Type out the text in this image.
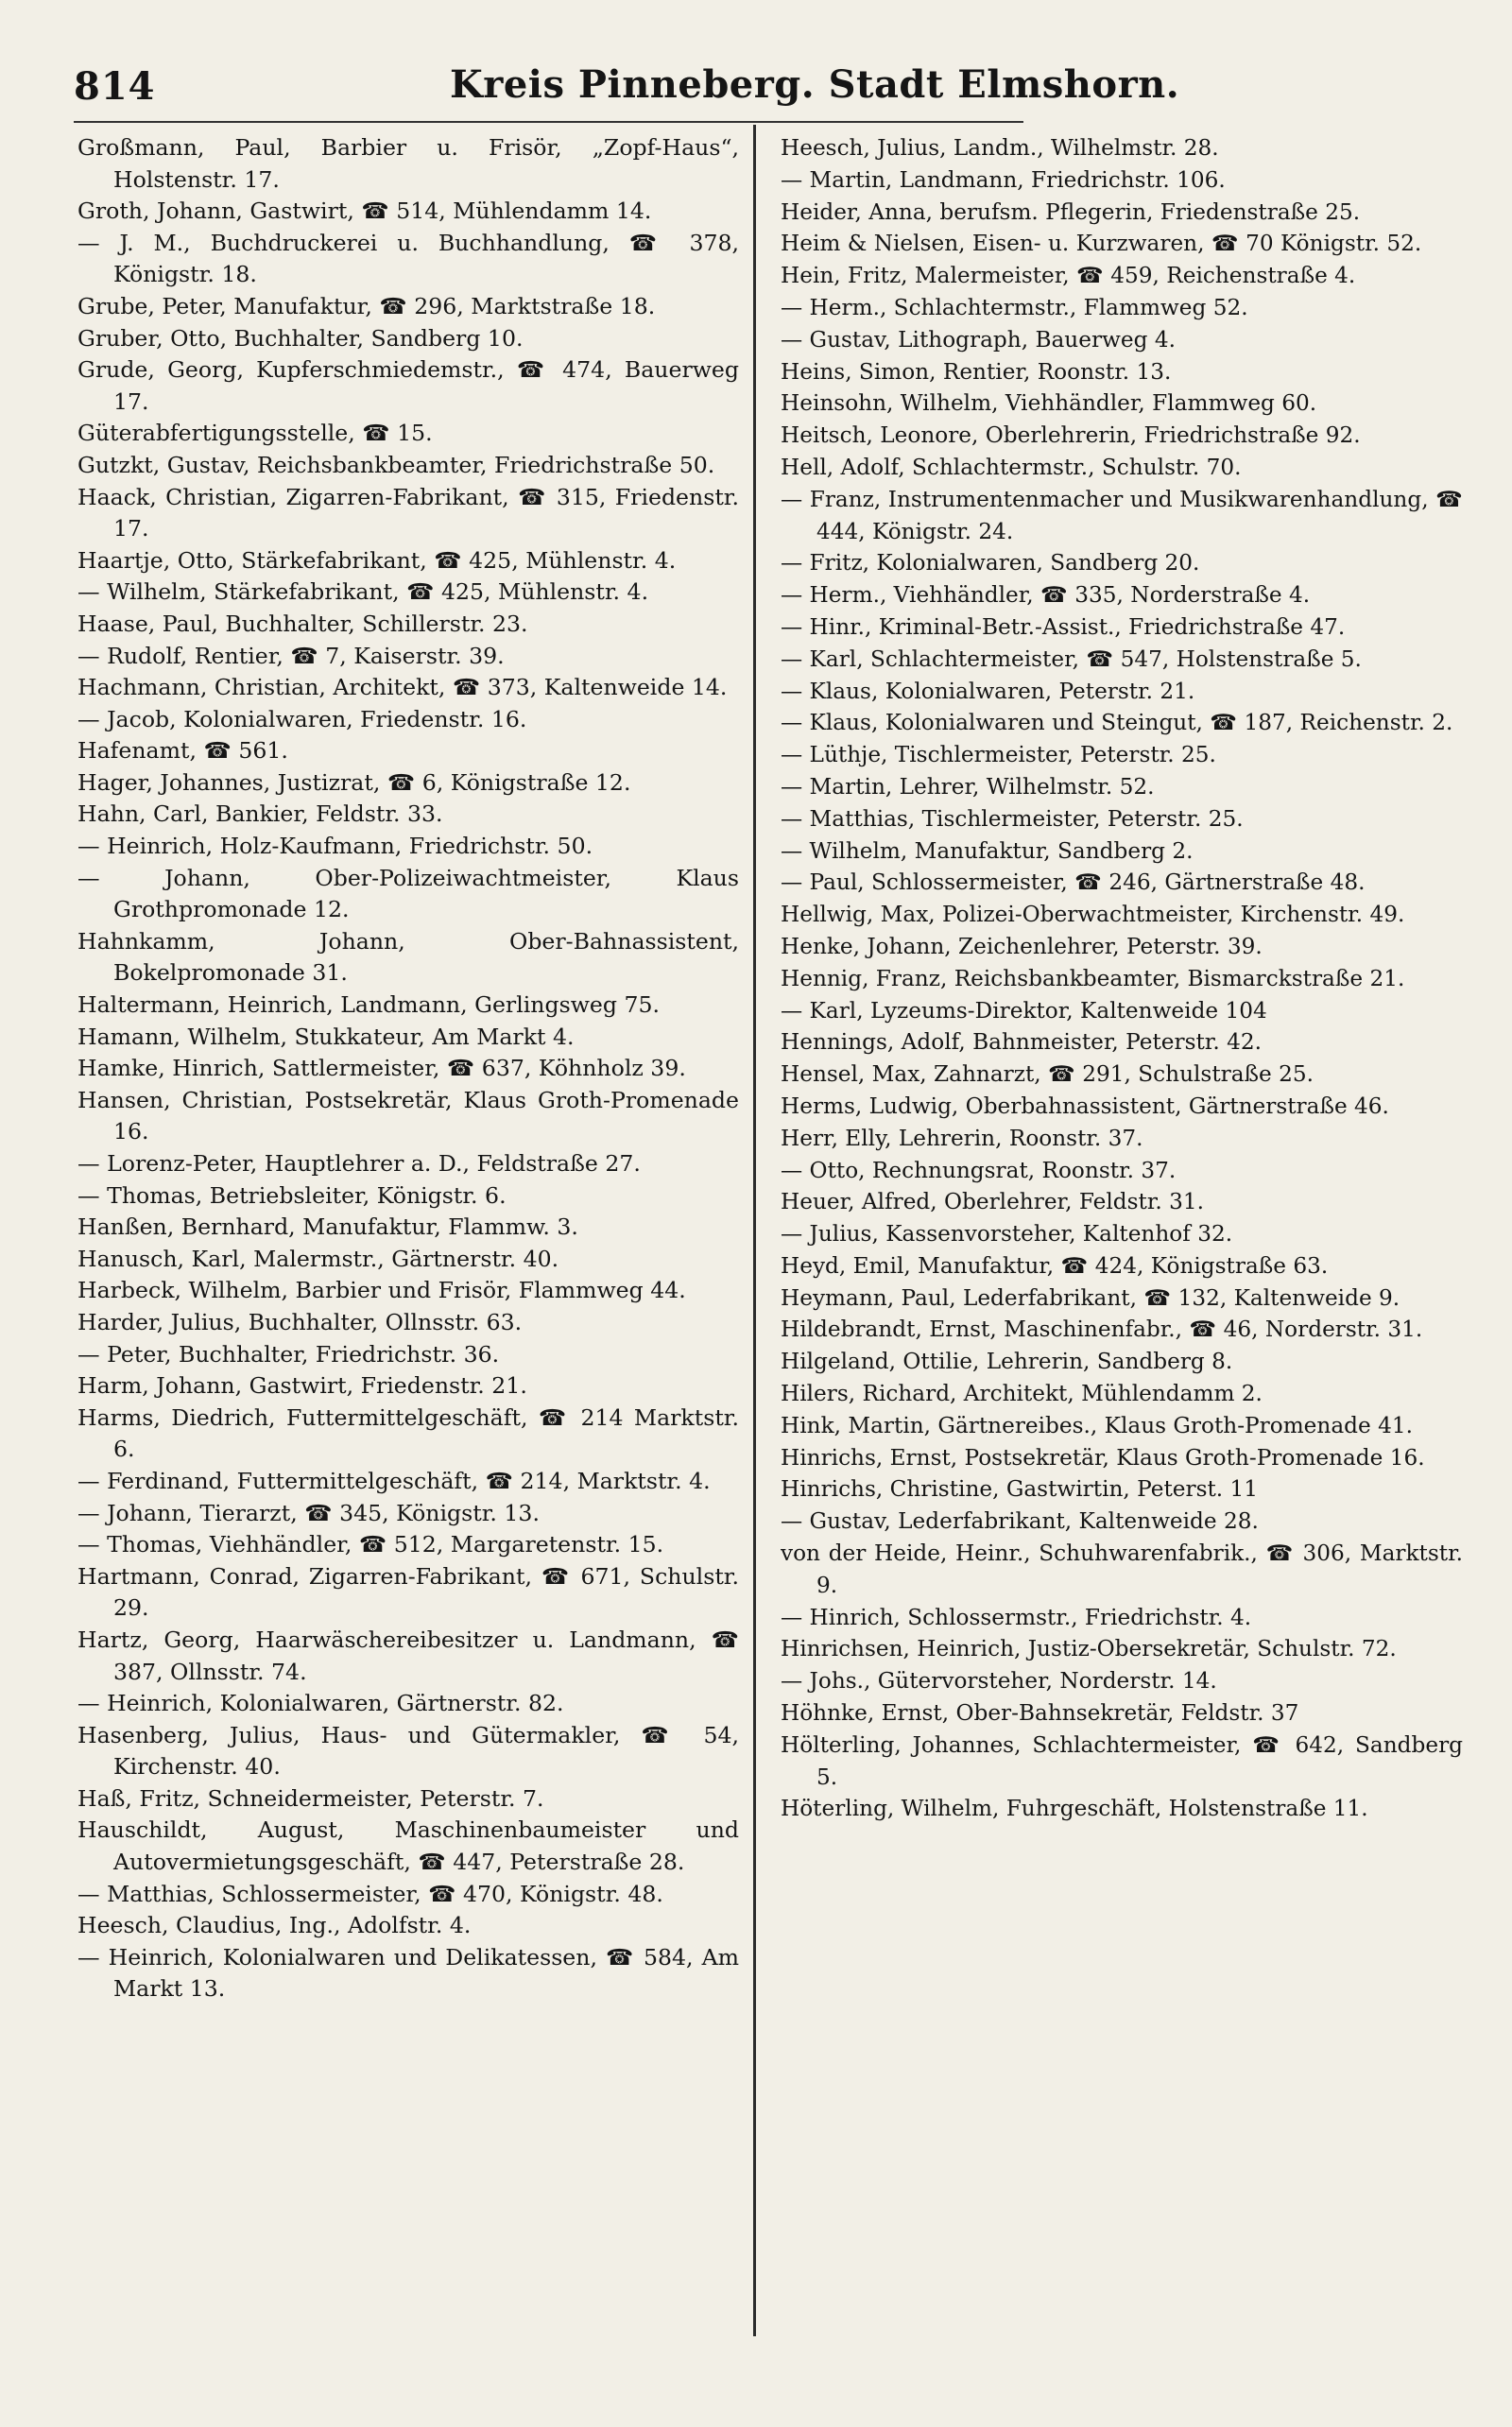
814	Kreis Pinneberg. Stadt Elmshorn.

Großmann, Paul, Barbier u. Frisör, „Zopf-Haus“, Holstenstr. 17.

Groth, Johann, Gastwirt, ☎ 514, Mühlendamm 14.

— J. M., Buchdruckerei u. Buchhandlung, ☎ 378, Königstr. 18.

Grube, Peter, Manufaktur, ☎ 296, Marktstraße 18.

Gruber, Otto, Buchhalter, Sandberg 10.

Grude, Georg, Kupferschmiedemstr., ☎ 474, Bauerweg 17.

Güterabfertigungsstelle, ☎ 15.

Gutzkt, Gustav, Reichsbankbeamter, Friedrichstraße 50.

Haack, Christian, Zigarren-Fabrikant, ☎ 315, Friedenstr. 17.

Haartje, Otto, Stärkefabrikant, ☎ 425, Mühlenstr. 4.

— Wilhelm, Stärkefabrikant, ☎ 425, Mühlenstr. 4.

Haase, Paul, Buchhalter, Schillerstr. 23.

— Rudolf, Rentier, ☎ 7, Kaiserstr. 39.

Hachmann, Christian, Architekt, ☎ 373, Kaltenweide 14.

— Jacob, Kolonialwaren, Friedenstr. 16.

Hafenamt, ☎ 561.

Hager, Johannes, Justizrat, ☎ 6, Königstraße 12.

Hahn, Carl, Bankier, Feldstr. 33.

— Heinrich, Holz-Kaufmann, Friedrichstr. 50.

— Johann, Ober-Polizeiwachtmeister, Klaus Grothpromonade 12.

Hahnkamm, Johann, Ober-Bahnassistent, Bokelpromonade 31.

Haltermann, Heinrich, Landmann, Gerlingsweg 75.

Hamann, Wilhelm, Stukkateur, Am Markt 4.

Hamke, Hinrich, Sattlermeister, ☎ 637, Köhnholz 39.

Hansen, Christian, Postsekretär, Klaus Groth-Promenade 16.

— Lorenz-Peter, Hauptlehrer a. D., Feldstraße 27.

— Thomas, Betriebsleiter, Königstr. 6.

Hanßen, Bernhard, Manufaktur, Flammw. 3.

Hanusch, Karl, Malermstr., Gärtnerstr. 40.

Harbeck, Wilhelm, Barbier und Frisör, Flammweg 44.

Harder, Julius, Buchhalter, Ollnsstr. 63.

— Peter, Buchhalter, Friedrichstr. 36.

Harm, Johann, Gastwirt, Friedenstr. 21.

Harms, Diedrich, Futtermittelgeschäft, ☎ 214 Marktstr. 6.

— Ferdinand, Futtermittelgeschäft, ☎ 214, Marktstr. 4.

— Johann, Tierarzt, ☎ 345, Königstr. 13.

— Thomas, Viehhändler, ☎ 512, Margaretenstr. 15.

Hartmann, Conrad, Zigarren-Fabrikant, ☎ 671, Schulstr. 29.

Hartz, Georg, Haarwäschereibesitzer u. Landmann, ☎ 387, Ollnsstr. 74.

— Heinrich, Kolonialwaren, Gärtnerstr. 82.

Hasenberg, Julius, Haus- und Gütermakler, ☎ 54, Kirchenstr. 40.

Haß, Fritz, Schneidermeister, Peterstr. 7.

Hauschildt, August, Maschinenbaumeister und Autovermietungsgeschäft, ☎ 447, Peterstraße 28.

— Matthias, Schlossermeister, ☎ 470, Königstr. 48.

Heesch, Claudius, Ing., Adolfstr. 4.

— Heinrich, Kolonialwaren und Delikatessen, ☎ 584, Am Markt 13.

Heesch, Julius, Landm., Wilhelmstr. 28.

— Martin, Landmann, Friedrichstr. 106.

Heider, Anna, berufsm. Pflegerin, Friedenstraße 25.

Heim & Nielsen, Eisen- u. Kurzwaren, ☎ 70 Königstr. 52.

Hein, Fritz, Malermeister, ☎ 459, Reichenstraße 4.

— Herm., Schlachtermstr., Flammweg 52.

— Gustav, Lithograph, Bauerweg 4.

Heins, Simon, Rentier, Roonstr. 13.

Heinsohn, Wilhelm, Viehhändler, Flammweg 60.

Heitsch, Leonore, Oberlehrerin, Friedrichstraße 92.

Hell, Adolf, Schlachtermstr., Schulstr. 70.

— Franz, Instrumentenmacher und Musikwarenhandlung, ☎ 444, Königstr. 24.

— Fritz, Kolonialwaren, Sandberg 20.

— Herm., Viehhändler, ☎ 335, Norderstraße 4.

— Hinr., Kriminal-Betr.-Assist., Friedrichstraße 47.

— Karl, Schlachtermeister, ☎ 547, Holstenstraße 5.

— Klaus, Kolonialwaren, Peterstr. 21.

— Klaus, Kolonialwaren und Steingut, ☎ 187, Reichenstr. 2.

— Lüthje, Tischlermeister, Peterstr. 25.

— Martin, Lehrer, Wilhelmstr. 52.

— Matthias, Tischlermeister, Peterstr. 25.

— Wilhelm, Manufaktur, Sandberg 2.

— Paul, Schlossermeister, ☎ 246, Gärtnerstraße 48.

Hellwig, Max, Polizei-Oberwachtmeister, Kirchenstr. 49.

Henke, Johann, Zeichenlehrer, Peterstr. 39.

Hennig, Franz, Reichsbankbeamter, Bismarckstraße 21.

— Karl, Lyzeums-Direktor, Kaltenweide 104

Hennings, Adolf, Bahnmeister, Peterstr. 42.

Hensel, Max, Zahnarzt, ☎ 291, Schulstraße 25.

Herms, Ludwig, Oberbahnassistent, Gärtnerstraße 46.

Herr, Elly, Lehrerin, Roonstr. 37.

— Otto, Rechnungsrat, Roonstr. 37.

Heuer, Alfred, Oberlehrer, Feldstr. 31.

— Julius, Kassenvorsteher, Kaltenhof 32.

Heyd, Emil, Manufaktur, ☎ 424, Königstraße 63.

Heymann, Paul, Lederfabrikant, ☎ 132, Kaltenweide 9.

Hildebrandt, Ernst, Maschinenfabr., ☎ 46, Norderstr. 31.

Hilgeland, Ottilie, Lehrerin, Sandberg 8.

Hilers, Richard, Architekt, Mühlendamm 2.

Hink, Martin, Gärtnereibes., Klaus Groth-Promenade 41.

Hinrichs, Ernst, Postsekretär, Klaus Groth-Promenade 16.

Hinrichs, Christine, Gastwirtin, Peterst. 11

— Gustav, Lederfabrikant, Kaltenweide 28.

von der Heide, Heinr., Schuhwarenfabrik., ☎ 306, Marktstr. 9.

— Hinrich, Schlossermstr., Friedrichstr. 4.

Hinrichsen, Heinrich, Justiz-Obersekretär, Schulstr. 72.

— Johs., Gütervorsteher, Norderstr. 14.

Höhnke, Ernst, Ober-Bahnsekretär, Feldstr. 37

Hölterling, Johannes, Schlachtermeister, ☎ 642, Sandberg 5.

Höterling, Wilhelm, Fuhrgeschäft, Holstenstraße 11.
